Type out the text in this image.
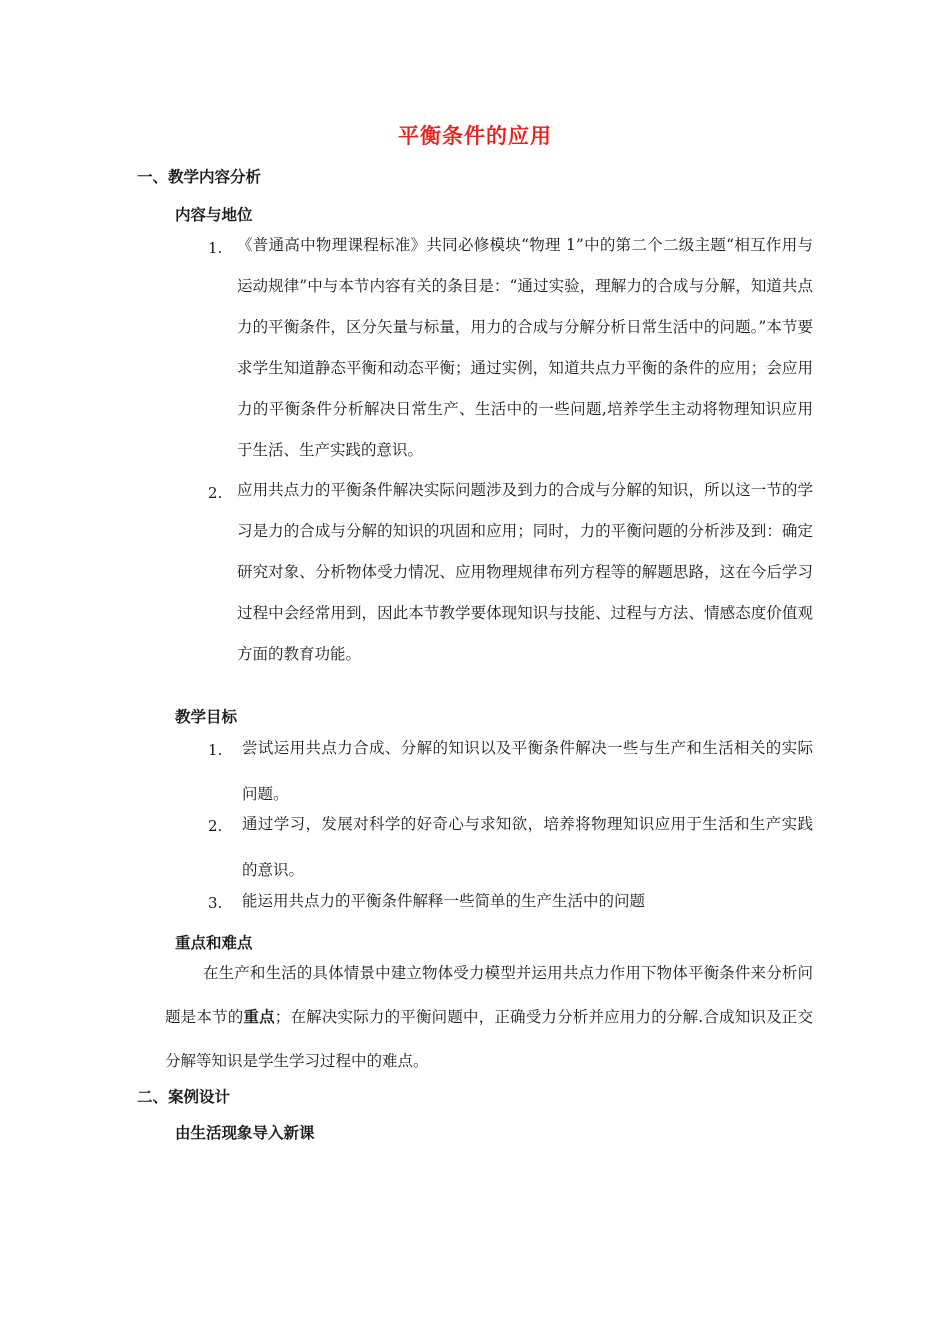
平衡条件的应用
一、教学内容分析
内容与地位
1. 《普通高中物理课程标准》共同必修模块“物理 1”中的第二个二级主题“相互作用与运动规律”中与本节内容有关的条目是：“通过实验，理解力的合成与分解，知道共点力的平衡条件，区分矢量与标量，用力的合成与分解分析日常生活中的问题。”本节要求学生知道静态平衡和动态平衡；通过实例，知道共点力平衡的条件的应用；会应用力的平衡条件分析解决日常生产、生活中的一些问题,培养学生主动将物理知识应用于生活、生产实践的意识。
2. 应用共点力的平衡条件解决实际问题涉及到力的合成与分解的知识，所以这一节的学习是力的合成与分解的知识的巩固和应用；同时，力的平衡问题的分析涉及到：确定研究对象、分析物体受力情况、应用物理规律布列方程等的解题思路，这在今后学习过程中会经常用到，因此本节教学要体现知识与技能、过程与方法、情感态度价值观方面的教育功能。
教学目标
1. 尝试运用共点力合成、分解的知识以及平衡条件解决一些与生产和生活相关的实际问题。
2. 通过学习，发展对科学的好奇心与求知欲，培养将物理知识应用于生活和生产实践的意识。
3. 能运用共点力的平衡条件解释一些简单的生产生活中的问题
重点和难点
在生产和生活的具体情景中建立物体受力模型并运用共点力作用下物体平衡条件来分析问题是本节的重点；在解决实际力的平衡问题中，正确受力分析并应用力的分解.合成知识及正交分解等知识是学生学习过程中的难点。
二、案例设计
由生活现象导入新课
